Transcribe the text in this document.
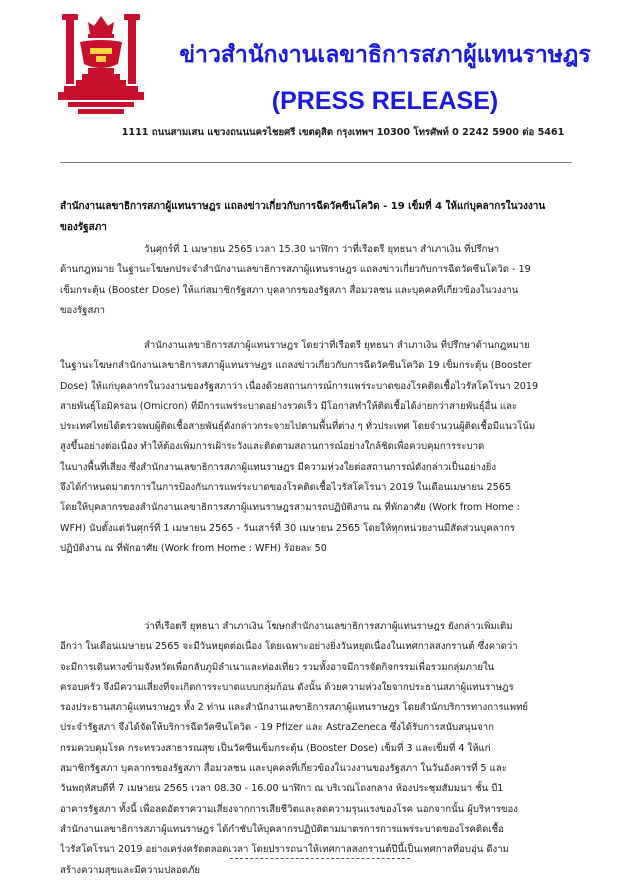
ข่าวสำนักงานเลขาธิการสภาผู้แทนราษฎร
(PRESS RELEASE)
1111 ถนนสามเสน แขวงถนนนครไชยศรี เขตดุสิต กรุงเทพฯ 10300 โทรศัพท์ 0 2242 5900 ต่อ 5461
สำนักงานเลขาธิการสภาผู้แทนราษฎร แถลงข่าวเกี่ยวกับการฉีดวัคซีนโควิด - 19 เข็มที่ 4 ให้แก่บุคลากรในวงงาน
ของรัฐสภา
วันศุกร์ที่ 1 เมษายน 2565 เวลา 15.30 นาฬิกา ว่าที่เรือตรี ยุทธนา สำเภาเงิน ที่ปรึกษา
ด้านกฎหมาย ในฐานะโฆษกประจำสำนักงานเลขาธิการสภาผู้แทนราษฎร แถลงข่าวเกี่ยวกับการฉีดวัคซีนโควิด - 19
เข็มกระตุ้น (Booster Dose) ให้แก่สมาชิกรัฐสภา บุคลากรของรัฐสภา สื่อมวลชน และบุคคลที่เกี่ยวข้องในวงงาน
ของรัฐสภา
สำนักงานเลขาธิการสภาผู้แทนราษฎร โดยว่าที่เรือตรี ยุทธนา สำเภาเงิน ที่ปรึกษาด้านกฎหมาย
ในฐานะโฆษกสำนักงานเลขาธิการสภาผู้แทนราษฎร แถลงข่าวเกี่ยวกับการฉีดวัคซีนโควิด 19 เข็มกระตุ้น (Booster
Dose) ให้แก่บุคลากรในวงงานของรัฐสภาว่า เนื่องด้วยสถานการณ์การแพร่ระบาดของโรคติดเชื้อไวรัสโคโรนา 2019
สายพันธุ์โอมิครอน (Omicron) ที่มีการแพร่ระบาดอย่างรวดเร็ว มีโอกาสทำให้ติดเชื้อได้ง่ายกว่าสายพันธุ์อื่น และ
ประเทศไทยได้ตรวจพบผู้ติดเชื้อสายพันธุ์ดังกล่าวกระจายไปตามพื้นที่ต่าง ๆ ทั่วประเทศ โดยจำนวนผู้ติดเชื้อมีแนวโน้ม
สูงขึ้นอย่างต่อเนื่อง ทำให้ต้องเพิ่มการเฝ้าระวังและติดตามสถานการณ์อย่างใกล้ชิดเพื่อควบคุมการระบาด
ในบางพื้นที่เสี่ยง ซึ่งสำนักงานเลขาธิการสภาผู้แทนราษฎร มีความห่วงใยต่อสถานการณ์ดังกล่าวเป็นอย่างยิ่ง
จึงได้กำหนดมาตรการในการป้องกันการแพร่ระบาดของโรคติดเชื้อไวรัสโคโรนา 2019 ในเดือนเมษายน 2565
โดยให้บุคลากรของสำนักงานเลขาธิการสภาผู้แทนราษฎรสามารถปฏิบัติงาน ณ ที่พักอาศัย (Work from Home :
WFH) นับตั้งแต่วันศุกร์ที่ 1 เมษายน 2565 - วันเสาร์ที่ 30 เมษายน 2565 โดยให้ทุกหน่วยงานมีสัดส่วนบุคลากร
ปฏิบัติงาน ณ ที่พักอาศัย (Work from Home : WFH) ร้อยละ 50
ว่าที่เรือตรี ยุทธนา สำเภาเงิน โฆษกสำนักงานเลขาธิการสภาผู้แทนราษฎร ยังกล่าวเพิ่มเติม
อีกว่า ในเดือนเมษายน 2565 จะมีวันหยุดต่อเนื่อง โดยเฉพาะอย่างยิ่งวันหยุดเนื่องในเทศกาลสงกรานต์ ซึ่งคาดว่า
จะมีการเดินทางข้ามจังหวัดเพื่อกลับภูมิลำเนาและท่องเที่ยว รวมทั้งอาจมีการจัดกิจกรรมเพื่อรวมกลุ่มภายใน
ครอบครัว จึงมีความเสี่ยงที่จะเกิดการระบาดแบบกลุ่มก้อน ดังนั้น ด้วยความห่วงใยจากประธานสภาผู้แทนราษฎร
รองประธานสภาผู้แทนราษฎร ทั้ง 2 ท่าน และสำนักงานเลขาธิการสภาผู้แทนราษฎร โดยสำนักบริการทางการแพทย์
ประจำรัฐสภา จึงได้จัดให้บริการฉีดวัคซีนโควิด - 19 Pfizer และ AstraZeneca ซึ่งได้รับการสนับสนุนจาก
กรมควบคุมโรค กระทรวงสาธารณสุข เป็นวัคซีนเข็มกระตุ้น (Booster Dose) เข็มที่ 3 และเข็มที่ 4 ให้แก่
สมาชิกรัฐสภา บุคลากรของรัฐสภา สื่อมวลชน และบุคคลที่เกี่ยวข้องในวงงานของรัฐสภา ในวันอังคารที่ 5 และ
วันพฤหัสบดีที่ 7 เมษายน 2565 เวลา 08.30 - 16.00 นาฬิกา ณ บริเวณโถงกลาง ห้องประชุมสัมมนา ชั้น บี1
อาคารรัฐสภา ทั้งนี้ เพื่อลดอัตราความเสี่ยงจากการเสียชีวิตและลดความรุนแรงของโรค นอกจากนั้น ผู้บริหารของ
สำนักงานเลขาธิการสภาผู้แทนราษฎร ได้กำชับให้บุคลากรปฏิบัติตามมาตรการการแพร่ระบาดของโรคติดเชื้อ
ไวรัสโคโรนา 2019 อย่างเคร่งครัดตลอดเวลา โดยปรารถนาให้เทศกาลสงกรานต์ปีนี้เป็นเทศกาลที่อบอุ่น ดีงาม
สร้างความสุขและมีความปลอดภัย
